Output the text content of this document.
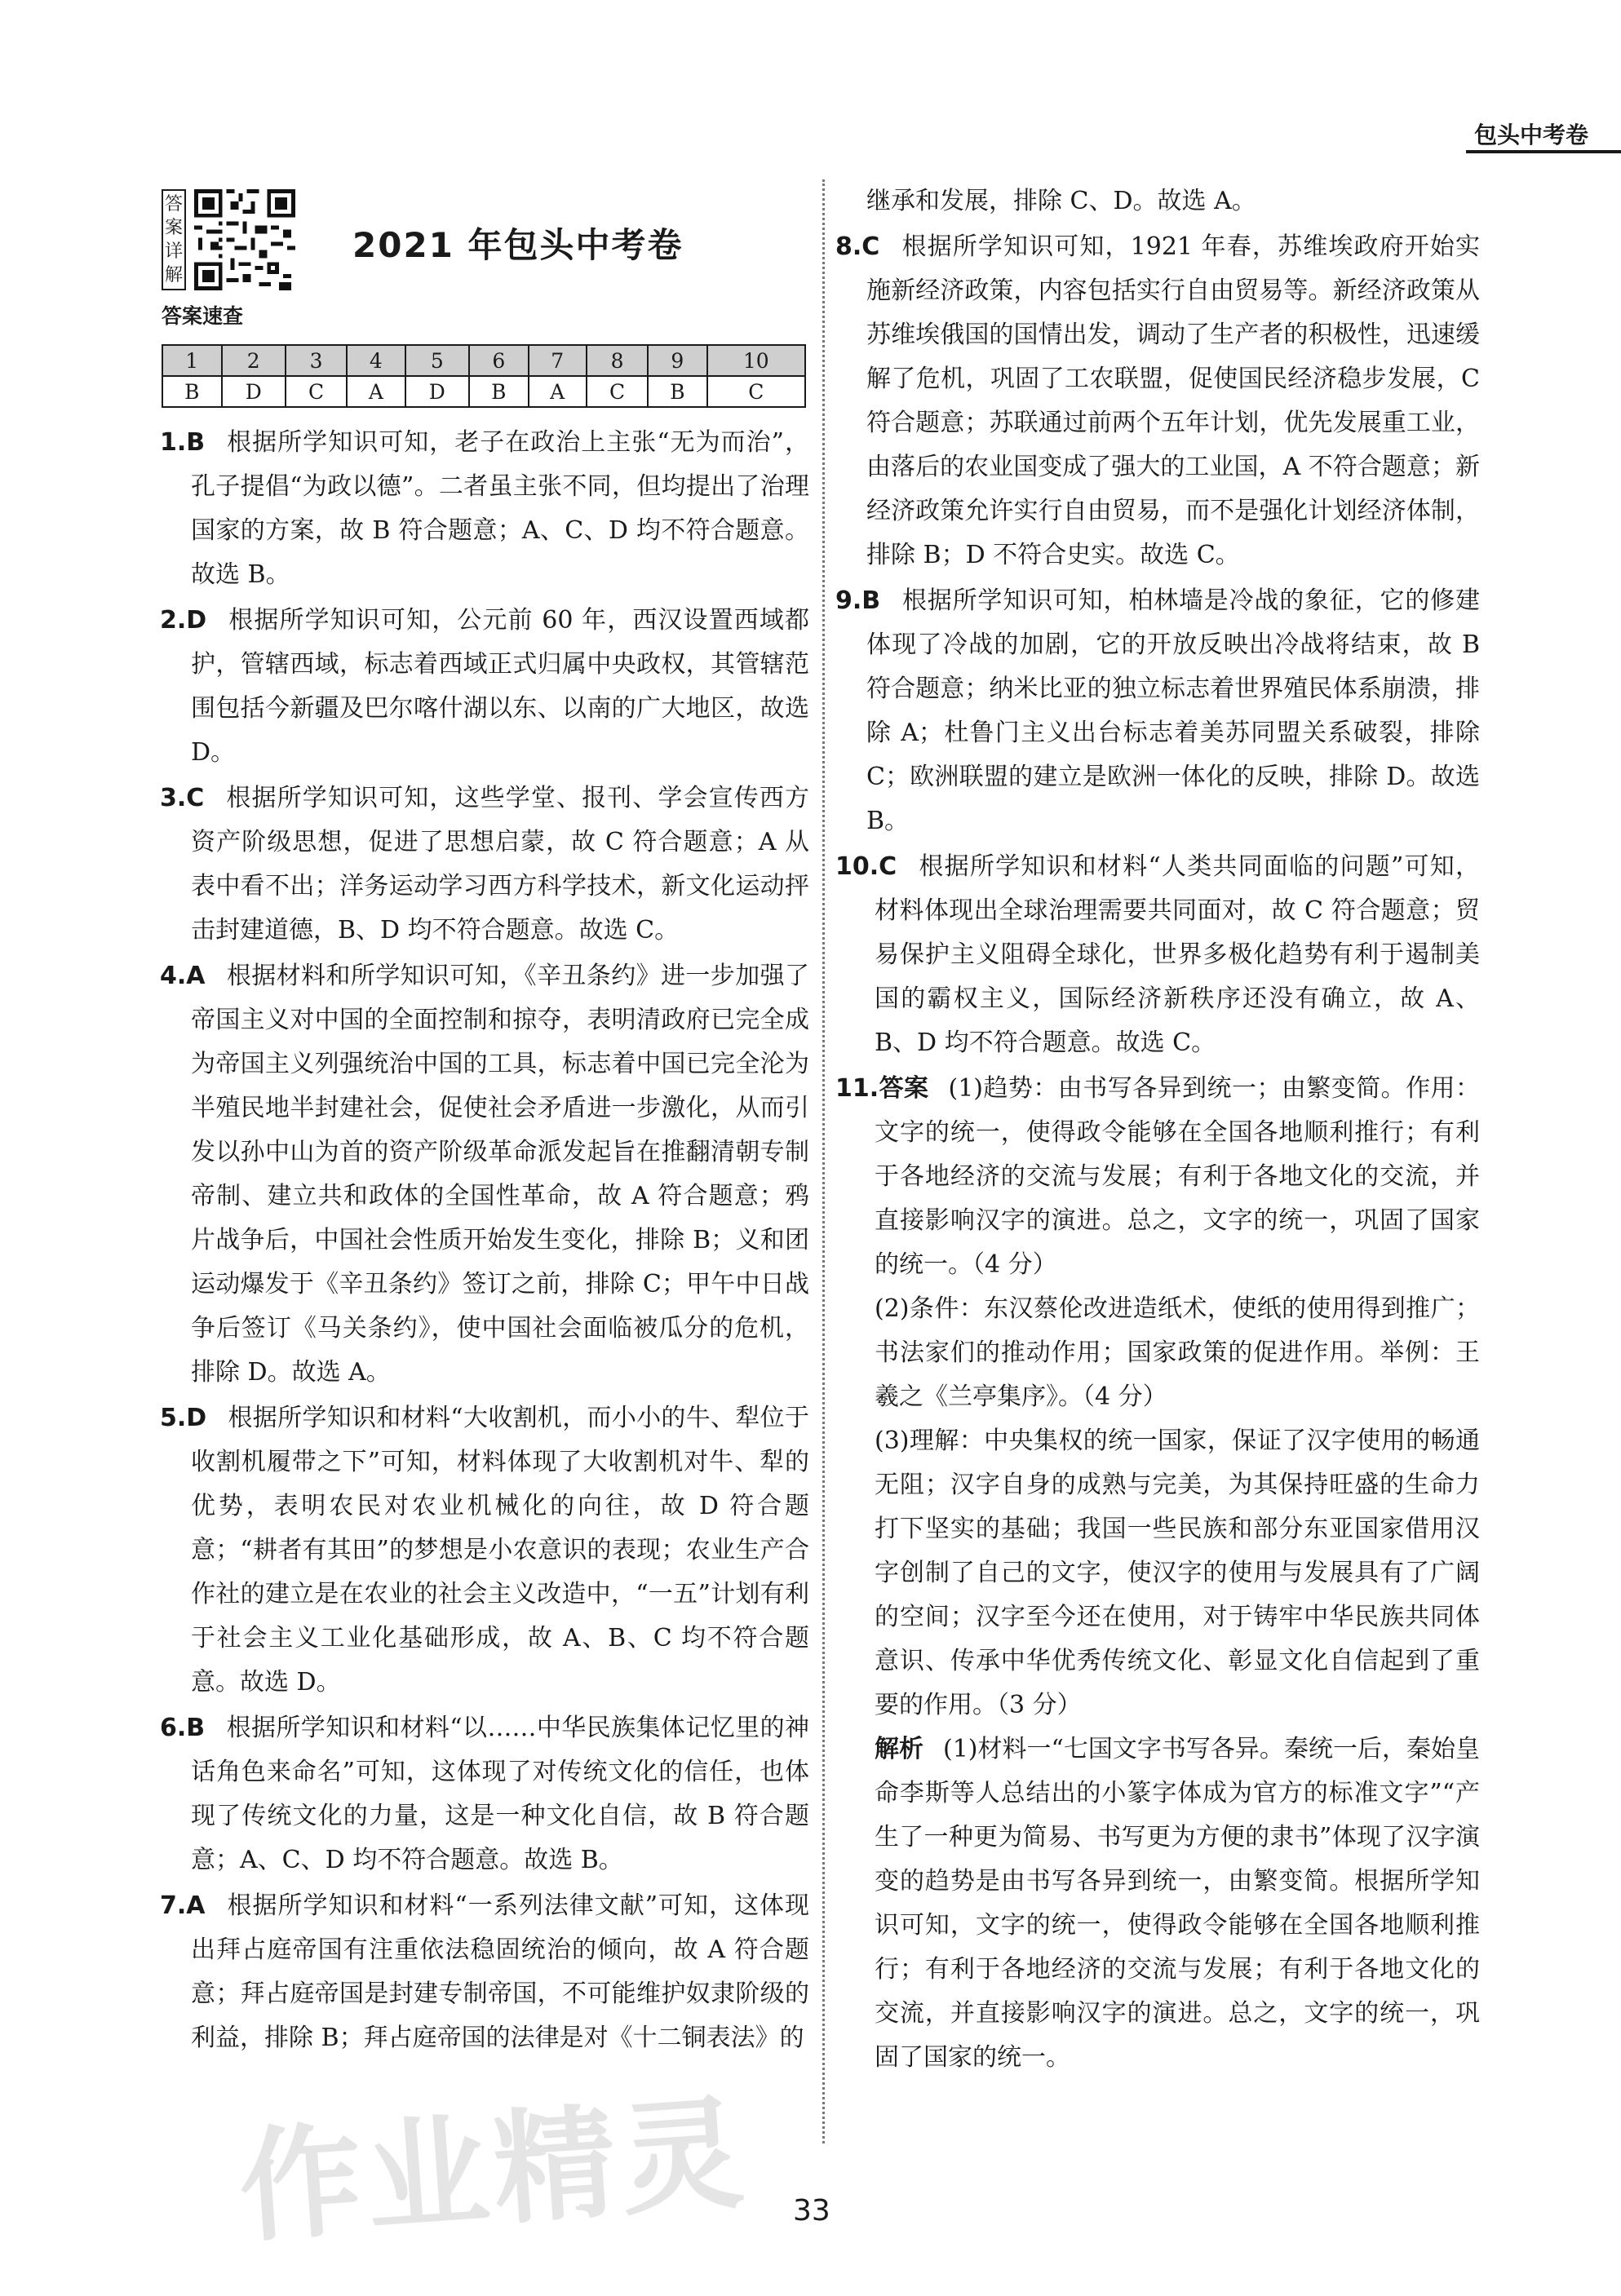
包头中考卷
答
案
详
解
2021 年包头中考卷
答案速查
1	2	3	4	5	6	7	8	9	10
B	D	C	A	D	B	A	C	B	C
1.B 根据所学知识可知，老子在政治上主张“无为而治”，孔子提倡“为政以德”。二者虽主张不同，但均提出了治理国家的方案，故 B 符合题意；A、C、D 均不符合题意。故选 B。
2.D 根据所学知识可知，公元前 60 年，西汉设置西域都护，管辖西域，标志着西域正式归属中央政权，其管辖范围包括今新疆及巴尔喀什湖以东、以南的广大地区，故选 D。
3.C 根据所学知识可知，这些学堂、报刊、学会宣传西方资产阶级思想，促进了思想启蒙，故 C 符合题意；A 从表中看不出；洋务运动学习西方科学技术，新文化运动抨击封建道德，B、D 均不符合题意。故选 C。
4.A 根据材料和所学知识可知，《辛丑条约》进一步加强了帝国主义对中国的全面控制和掠夺，表明清政府已完全成为帝国主义列强统治中国的工具，标志着中国已完全沦为半殖民地半封建社会，促使社会矛盾进一步激化，从而引发以孙中山为首的资产阶级革命派发起旨在推翻清朝专制帝制、建立共和政体的全国性革命，故 A 符合题意；鸦片战争后，中国社会性质开始发生变化，排除 B；义和团运动爆发于《辛丑条约》签订之前，排除 C；甲午中日战争后签订《马关条约》，使中国社会面临被瓜分的危机，排除 D。故选 A。
5.D 根据所学知识和材料“大收割机，而小小的牛、犁位于收割机履带之下”可知，材料体现了大收割机对牛、犁的优势，表明农民对农业机械化的向往，故 D 符合题意；“耕者有其田”的梦想是小农意识的表现；农业生产合作社的建立是在农业的社会主义改造中，“一五”计划有利于社会主义工业化基础形成，故 A、B、C 均不符合题意。故选 D。
6.B 根据所学知识和材料“以……中华民族集体记忆里的神话角色来命名”可知，这体现了对传统文化的信任，也体现了传统文化的力量，这是一种文化自信，故 B 符合题意；A、C、D 均不符合题意。故选 B。
7.A 根据所学知识和材料“一系列法律文献”可知，这体现出拜占庭帝国有注重依法稳固统治的倾向，故 A 符合题意；拜占庭帝国是封建专制帝国，不可能维护奴隶阶级的利益，排除 B；拜占庭帝国的法律是对《十二铜表法》的
继承和发展，排除 C、D。故选 A。
8.C 根据所学知识可知，1921 年春，苏维埃政府开始实施新经济政策，内容包括实行自由贸易等。新经济政策从苏维埃俄国的国情出发，调动了生产者的积极性，迅速缓解了危机，巩固了工农联盟，促使国民经济稳步发展，C 符合题意；苏联通过前两个五年计划，优先发展重工业，由落后的农业国变成了强大的工业国，A 不符合题意；新经济政策允许实行自由贸易，而不是强化计划经济体制，排除 B；D 不符合史实。故选 C。
9.B 根据所学知识可知，柏林墙是冷战的象征，它的修建体现了冷战的加剧，它的开放反映出冷战将结束，故 B 符合题意；纳米比亚的独立标志着世界殖民体系崩溃，排除 A；杜鲁门主义出台标志着美苏同盟关系破裂，排除 C；欧洲联盟的建立是欧洲一体化的反映，排除 D。故选 B。
10.C 根据所学知识和材料“人类共同面临的问题”可知，材料体现出全球治理需要共同面对，故 C 符合题意；贸易保护主义阻碍全球化，世界多极化趋势有利于遏制美国的霸权主义，国际经济新秩序还没有确立，故 A、B、D 均不符合题意。故选 C。

11.答案 (1)趋势：由书写各异到统一；由繁变简。作用：文字的统一，使得政令能够在全国各地顺利推行；有利于各地经济的交流与发展；有利于各地文化的交流，并直接影响汉字的演进。总之，文字的统一，巩固了国家的统一。（4 分）

(2)条件：东汉蔡伦改进造纸术，使纸的使用得到推广；书法家们的推动作用；国家政策的促进作用。举例：王羲之《兰亭集序》。（4 分）

(3)理解：中央集权的统一国家，保证了汉字使用的畅通无阻；汉字自身的成熟与完美，为其保持旺盛的生命力打下坚实的基础；我国一些民族和部分东亚国家借用汉字创制了自己的文字，使汉字的使用与发展具有了广阔的空间；汉字至今还在使用，对于铸牢中华民族共同体意识、传承中华优秀传统文化、彰显文化自信起到了重要的作用。（3 分）

解析 (1)材料一“七国文字书写各异。秦统一后，秦始皇命李斯等人总结出的小篆字体成为官方的标准文字”“产生了一种更为简易、书写更为方便的隶书”体现了汉字演变的趋势是由书写各异到统一，由繁变简。根据所学知识可知，文字的统一，使得政令能够在全国各地顺利推行；有利于各地经济的交流与发展；有利于各地文化的交流，并直接影响汉字的演进。总之，文字的统一，巩固了国家的统一。

33
作业精灵
